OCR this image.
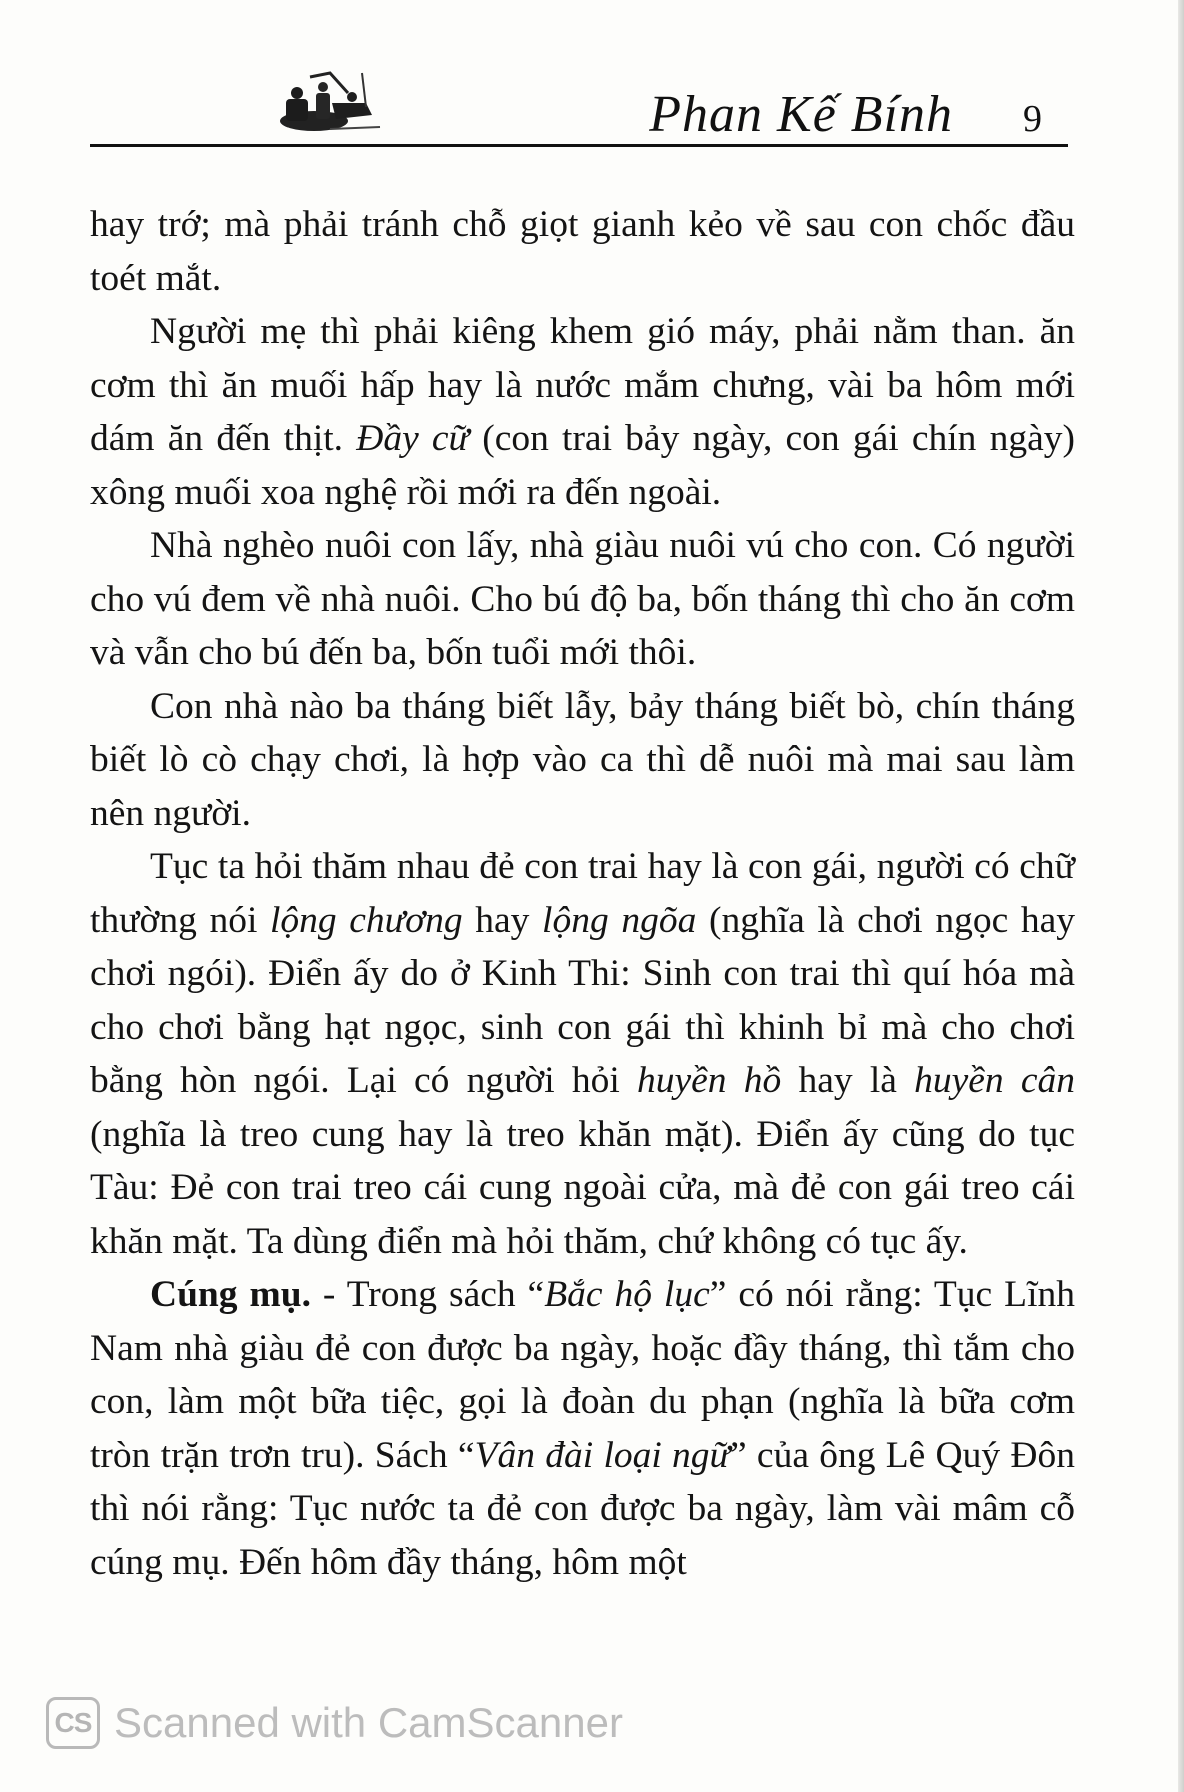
Phan Kế Bính 9

hay trớ; mà phải tránh chỗ giọt gianh kẻo về sau con chốc đầu toét mắt.

Người mẹ thì phải kiêng khem gió máy, phải nằm than. ăn cơm thì ăn muối hấp hay là nước mắm chưng, vài ba hôm mới dám ăn đến thịt. Đầy cữ (con trai bảy ngày, con gái chín ngày) xông muối xoa nghệ rồi mới ra đến ngoài.

Nhà nghèo nuôi con lấy, nhà giàu nuôi vú cho con. Có người cho vú đem về nhà nuôi. Cho bú độ ba, bốn tháng thì cho ăn cơm và vẫn cho bú đến ba, bốn tuổi mới thôi.

Con nhà nào ba tháng biết lẫy, bảy tháng biết bò, chín tháng biết lò cò chạy chơi, là hợp vào ca thì dễ nuôi mà mai sau làm nên người.

Tục ta hỏi thăm nhau đẻ con trai hay là con gái, người có chữ thường nói lộng chương hay lộng ngõa (nghĩa là chơi ngọc hay chơi ngói). Điển ấy do ở Kinh Thi: Sinh con trai thì quí hóa mà cho chơi bằng hạt ngọc, sinh con gái thì khinh bỉ mà cho chơi bằng hòn ngói. Lại có người hỏi huyền hồ hay là huyền cân (nghĩa là treo cung hay là treo khăn mặt). Điển ấy cũng do tục Tàu: Đẻ con trai treo cái cung ngoài cửa, mà đẻ con gái treo cái khăn mặt. Ta dùng điển mà hỏi thăm, chứ không có tục ấy.

Cúng mụ. - Trong sách “Bắc hộ lục” có nói rằng: Tục Lĩnh Nam nhà giàu đẻ con được ba ngày, hoặc đầy tháng, thì tắm cho con, làm một bữa tiệc, gọi là đoàn du phạn (nghĩa là bữa cơm tròn trặn trơn tru). Sách “Vân đài loại ngữ” của ông Lê Quý Đôn thì nói rằng: Tục nước ta đẻ con được ba ngày, làm vài mâm cỗ cúng mụ. Đến hôm đầy tháng, hôm một

CS Scanned with CamScanner
